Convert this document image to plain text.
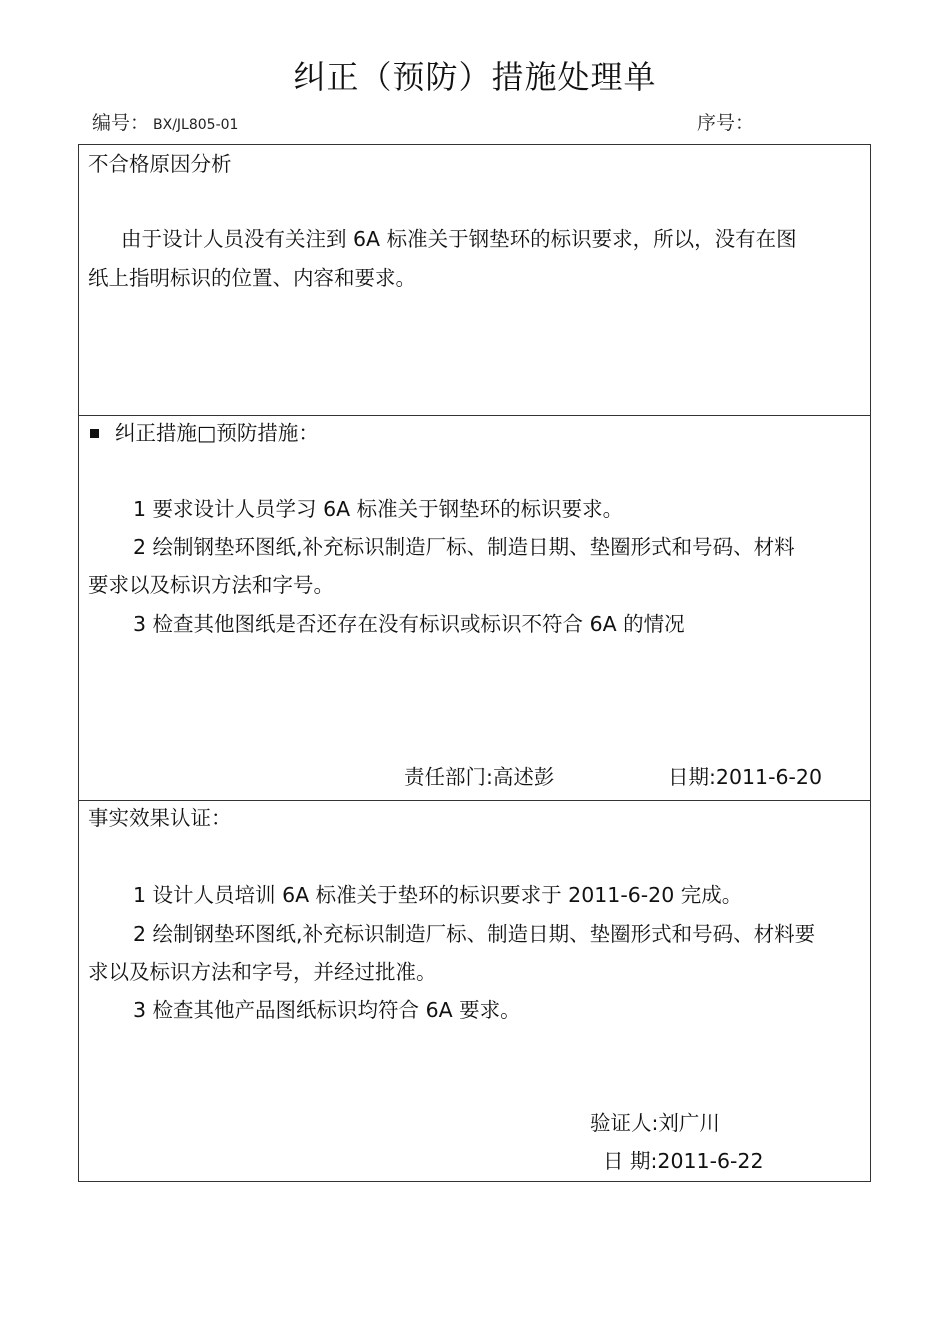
纠正（预防）措施处理单
编号： BX/JL805-01	序号：
不合格原因分析
由于设计人员没有关注到 6A 标准关于钢垫环的标识要求，所以，没有在图
纸上指明标识的位置、内容和要求。
纠正措施□预防措施：
1 要求设计人员学习 6A 标准关于钢垫环的标识要求。
2 绘制钢垫环图纸,补充标识制造厂标、制造日期、垫圈形式和号码、材料
要求以及标识方法和字号。
3 检查其他图纸是否还存在没有标识或标识不符合 6A 的情况
责任部门:高述彭	日期:2011-6-20
事实效果认证：
1 设计人员培训 6A 标准关于垫环的标识要求于 2011-6-20 完成。
2 绘制钢垫环图纸,补充标识制造厂标、制造日期、垫圈形式和号码、材料要
求以及标识方法和字号，并经过批准。
3 检查其他产品图纸标识均符合 6A 要求。
验证人:刘广川
日 期:2011-6-22
